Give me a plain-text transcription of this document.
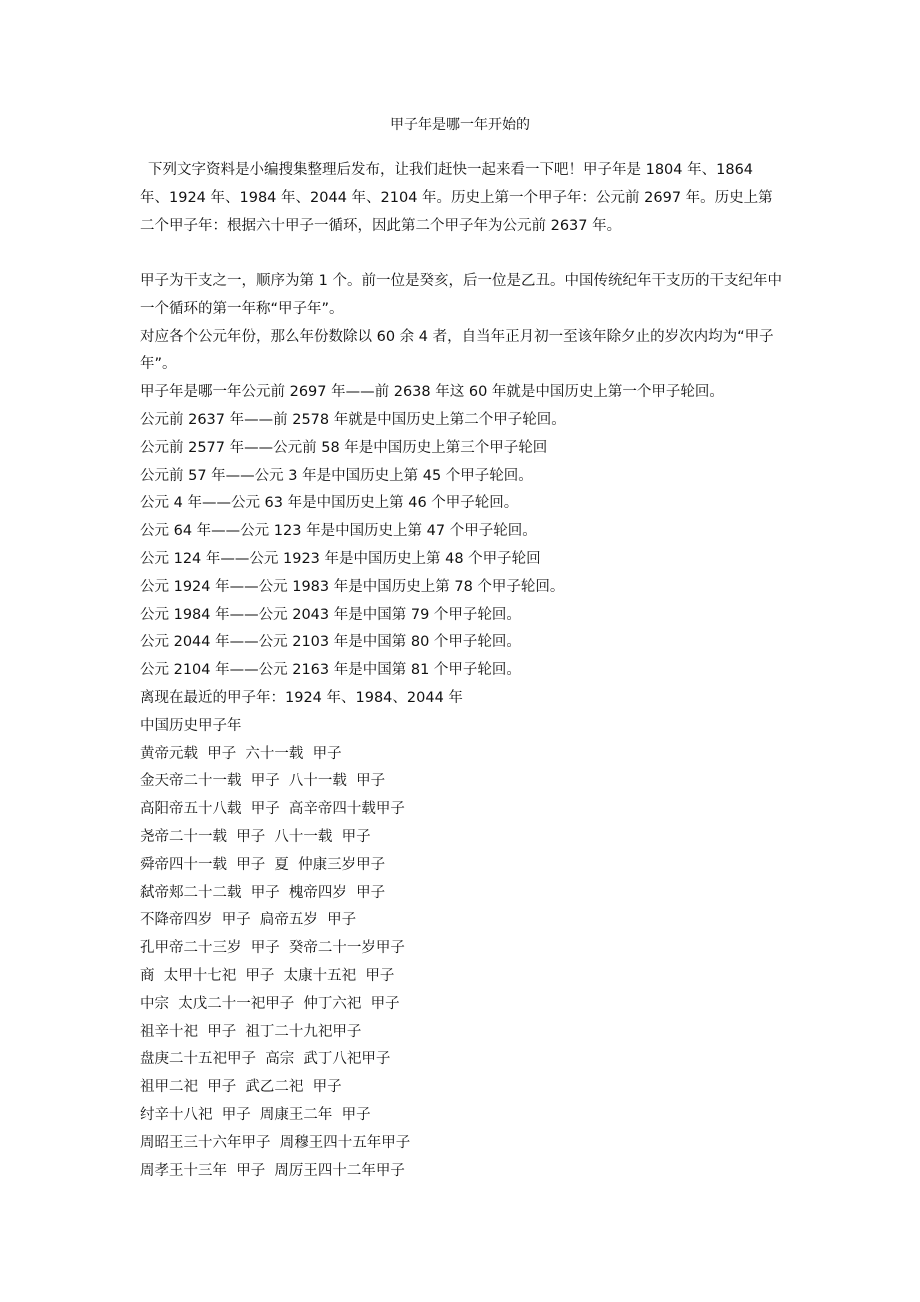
甲子年是哪一年开始的
下列文字资料是小编搜集整理后发布，让我们赶快一起来看一下吧！甲子年是 1804 年、1864 年、1924 年、1984 年、2044 年、2104 年。历史上第一个甲子年：公元前 2697 年。历史上第二个甲子年：根据六十甲子一循环，因此第二个甲子年为公元前 2637 年。

甲子为干支之一，顺序为第 1 个。前一位是癸亥，后一位是乙丑。中国传统纪年干支历的干支纪年中一个循环的第一年称“甲子年”。

对应各个公元年份，那么年份数除以 60 余 4 者，自当年正月初一至该年除夕止的岁次内均为“甲子年”。

甲子年是哪一年公元前 2697 年——前 2638 年这 60 年就是中国历史上第一个甲子轮回。

公元前 2637 年——前 2578 年就是中国历史上第二个甲子轮回。

公元前 2577 年——公元前 58 年是中国历史上第三个甲子轮回

公元前 57 年——公元 3 年是中国历史上第 45 个甲子轮回。

公元 4 年——公元 63 年是中国历史上第 46 个甲子轮回。

公元 64 年——公元 123 年是中国历史上第 47 个甲子轮回。

公元 124 年——公元 1923 年是中国历史上第 48 个甲子轮回

公元 1924 年——公元 1983 年是中国历史上第 78 个甲子轮回。

公元 1984 年——公元 2043 年是中国第 79 个甲子轮回。

公元 2044 年——公元 2103 年是中国第 80 个甲子轮回。

公元 2104 年——公元 2163 年是中国第 81 个甲子轮回。

离现在最近的甲子年：1924 年、1984、2044 年

中国历史甲子年

黄帝元载  甲子  六十一载  甲子

金天帝二十一载  甲子  八十一载  甲子

高阳帝五十八载  甲子  高辛帝四十载甲子

尧帝二十一载  甲子  八十一载  甲子

舜帝四十一载  甲子  夏  仲康三岁甲子

弑帝郏二十二载  甲子  槐帝四岁  甲子

不降帝四岁  甲子  扃帝五岁  甲子

孔甲帝二十三岁  甲子  癸帝二十一岁甲子

商  太甲十七祀  甲子  太康十五祀  甲子

中宗  太戊二十一祀甲子  仲丁六祀  甲子

祖辛十祀  甲子  祖丁二十九祀甲子

盘庚二十五祀甲子  高宗  武丁八祀甲子

祖甲二祀  甲子  武乙二祀  甲子

纣辛十八祀  甲子  周康王二年  甲子

周昭王三十六年甲子  周穆王四十五年甲子

周孝王十三年  甲子  周厉王四十二年甲子
